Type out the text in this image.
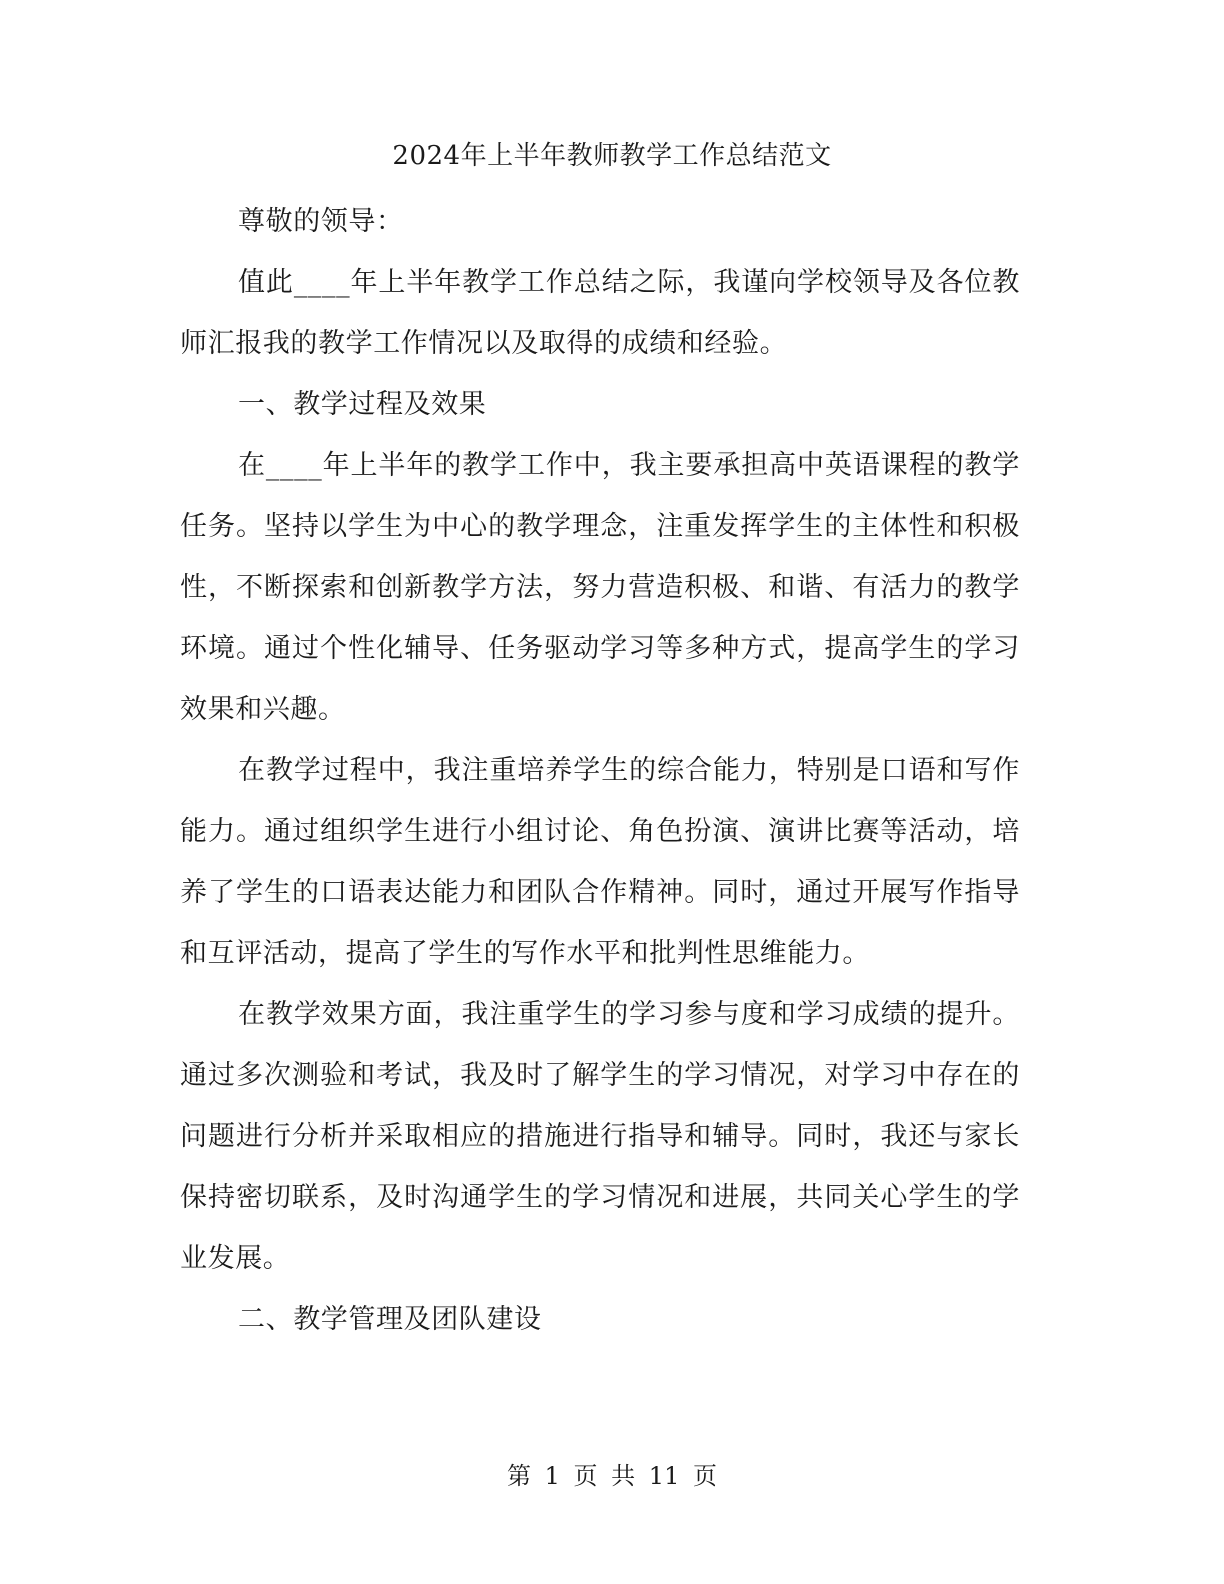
2024年上半年教师教学工作总结范文

尊敬的领导：

值此____年上半年教学工作总结之际，我谨向学校领导及各位教师汇报我的教学工作情况以及取得的成绩和经验。

一、教学过程及效果

在____年上半年的教学工作中，我主要承担高中英语课程的教学任务。坚持以学生为中心的教学理念，注重发挥学生的主体性和积极性，不断探索和创新教学方法，努力营造积极、和谐、有活力的教学环境。通过个性化辅导、任务驱动学习等多种方式，提高学生的学习效果和兴趣。

在教学过程中，我注重培养学生的综合能力，特别是口语和写作能力。通过组织学生进行小组讨论、角色扮演、演讲比赛等活动，培养了学生的口语表达能力和团队合作精神。同时，通过开展写作指导和互评活动，提高了学生的写作水平和批判性思维能力。

在教学效果方面，我注重学生的学习参与度和学习成绩的提升。通过多次测验和考试，我及时了解学生的学习情况，对学习中存在的问题进行分析并采取相应的措施进行指导和辅导。同时，我还与家长保持密切联系，及时沟通学生的学习情况和进展，共同关心学生的学业发展。

二、教学管理及团队建设

第 1 页 共 11 页
